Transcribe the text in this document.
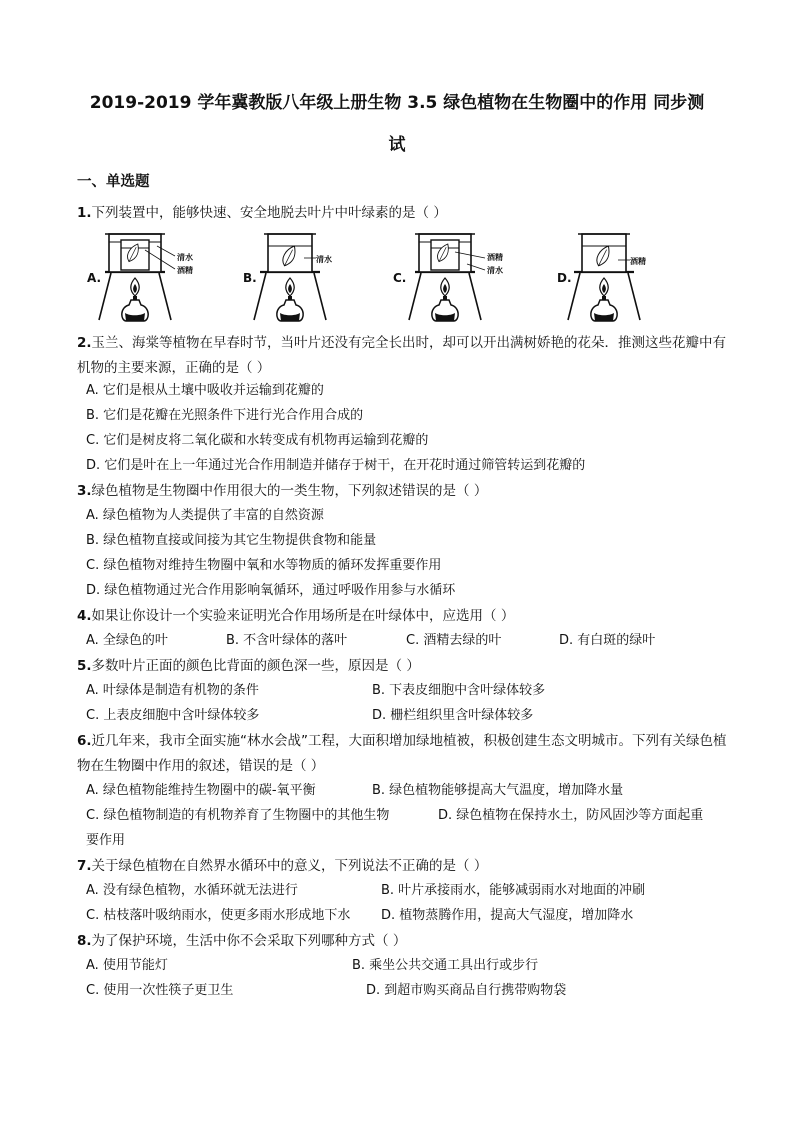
2019-2019 学年冀教版八年级上册生物 3.5 绿色植物在生物圈中的作用 同步测
试
一、单选题
1.下列装置中，能够快速、安全地脱去叶片中叶绿素的是（ ）
清水
酒精
A.
清水
B.
酒精
清水
C.
酒精
D.
2.玉兰、海棠等植物在早春时节，当叶片还没有完全长出时，却可以开出满树娇艳的花朵．推测这些花瓣中有机物的主要来源，正确的是（ ）
A. 它们是根从土壤中吸收并运输到花瓣的
B. 它们是花瓣在光照条件下进行光合作用合成的
C. 它们是树皮将二氧化碳和水转变成有机物再运输到花瓣的
D. 它们是叶在上一年通过光合作用制造并储存于树干，在开花时通过筛管转运到花瓣的
3.绿色植物是生物圈中作用很大的一类生物，下列叙述错误的是（ ）
A. 绿色植物为人类提供了丰富的自然资源
B. 绿色植物直接或间接为其它生物提供食物和能量
C. 绿色植物对维持生物圈中氧和水等物质的循环发挥重要作用
D. 绿色植物通过光合作用影响氧循环，通过呼吸作用参与水循环
4.如果让你设计一个实验来证明光合作用场所是在叶绿体中，应选用（ ）
A. 全绿色的叶	B. 不含叶绿体的落叶	C. 酒精去绿的叶	D. 有白斑的绿叶
5.多数叶片正面的颜色比背面的颜色深一些，原因是（ ）
A. 叶绿体是制造有机物的条件	B. 下表皮细胞中含叶绿体较多
C. 上表皮细胞中含叶绿体较多	D. 栅栏组织里含叶绿体较多
6.近几年来，我市全面实施“林水会战”工程，大面积增加绿地植被，积极创建生态文明城市。下列有关绿色植物在生物圈中作用的叙述，错误的是（ ）
A. 绿色植物能维持生物圈中的碳-氧平衡	B. 绿色植物能够提高大气温度，增加降水量
C. 绿色植物制造的有机物养育了生物圈中的其他生物	D. 绿色植物在保持水土，防风固沙等方面起重
要作用
7.关于绿色植物在自然界水循环中的意义，下列说法不正确的是（ ）
A. 没有绿色植物，水循环就无法进行	B. 叶片承接雨水，能够减弱雨水对地面的冲刷
C. 枯枝落叶吸纳雨水，使更多雨水形成地下水 D. 植物蒸腾作用，提高大气湿度，增加降水
8.为了保护环境，生活中你不会采取下列哪种方式（ ）
A. 使用节能灯	B. 乘坐公共交通工具出行或步行
C. 使用一次性筷子更卫生	D. 到超市购买商品自行携带购物袋
